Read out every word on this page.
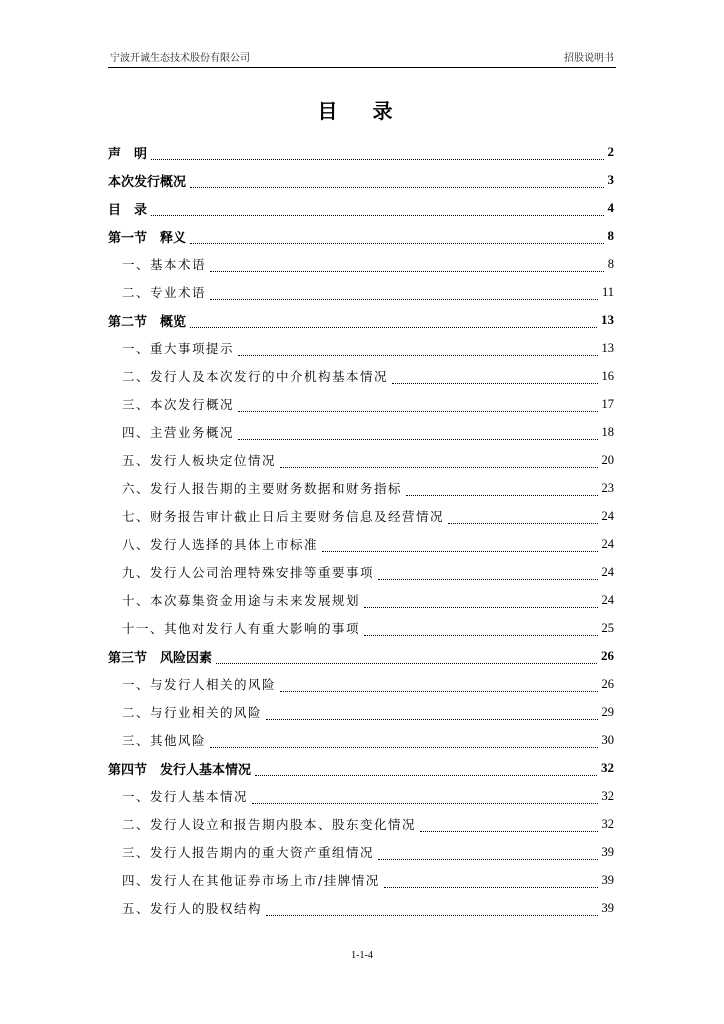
宁波开诚生态技术股份有限公司	招股说明书
目 录
声　明	2
本次发行概况	3
目　录	4
第一节　释义	8
一、基本术语	8
二、专业术语	11
第二节　概览	13
一、重大事项提示	13
二、发行人及本次发行的中介机构基本情况	16
三、本次发行概况	17
四、主营业务概况	18
五、发行人板块定位情况	20
六、发行人报告期的主要财务数据和财务指标	23
七、财务报告审计截止日后主要财务信息及经营情况	24
八、发行人选择的具体上市标准	24
九、发行人公司治理特殊安排等重要事项	24
十、本次募集资金用途与未来发展规划	24
十一、其他对发行人有重大影响的事项	25
第三节　风险因素	26
一、与发行人相关的风险	26
二、与行业相关的风险	29
三、其他风险	30
第四节　发行人基本情况	32
一、发行人基本情况	32
二、发行人设立和报告期内股本、股东变化情况	32
三、发行人报告期内的重大资产重组情况	39
四、发行人在其他证券市场上市/挂牌情况	39
五、发行人的股权结构	39
1-1-4
